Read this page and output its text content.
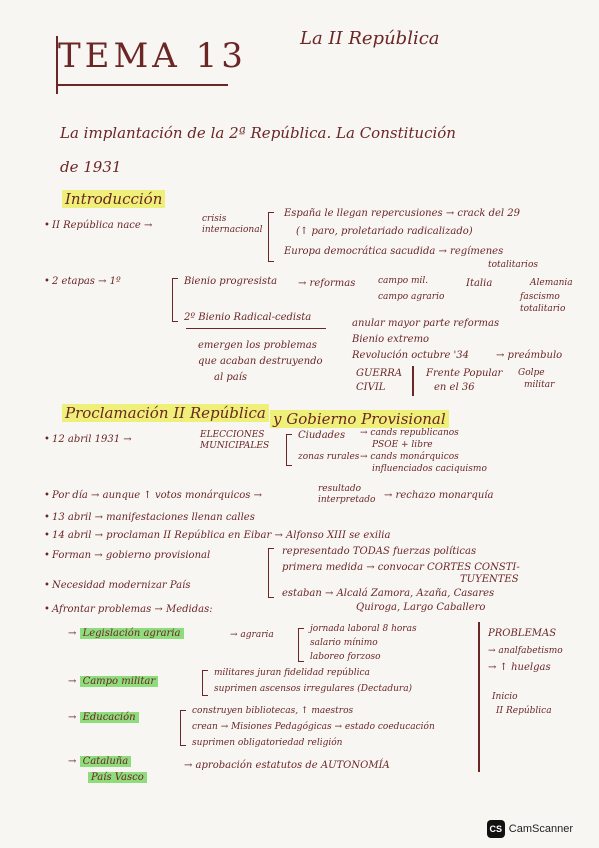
TEMA 13	La II República
La implantación de la 2ª República. La Constitución
de 1931
Introducción
II República nace →
crisis internacional
España le llegan repercusiones → crack del 29
(↑ paro, proletariado radicalizado)
Europa democrática sacudida → regímenes
totalitarios
2 etapas → 1º	Bienio progresista → reformas	campo mil.
campo agrario
Italia	Alemania
fascismo
totalitario
2º Bienio Radical-cedista
anular mayor parte reformas
Bienio extremo
Revolución octubre '34	→ preámbulo
emergen los problemas
que acaban destruyendo
al país	GUERRA
CIVIL
Frente Popular
en el 36
Golpe
militar
Proclamación II República y Gobierno Provisional
12 abril 1931 →	ELECCIONES MUNICIPALES
Ciudades → cands republicanos
PSOE + libre
zonas rurales → cands monárquicos
influenciados caciquismo
Por día → aunque ↑ votos monárquicos →
resultado interpretado → rechazo monarquía
13 abril → manifestaciones llenan calles
14 abril → proclaman II República en Eibar → Alfonso XIII se exilia
Forman → gobierno provisional	representado TODAS fuerzas políticas
primera medida → convocar CORTES CONSTI-
TUYENTES
estaban → Alcalá Zamora, Azaña, Casares
Quiroga, Largo Caballero
Necesidad modernizar País
Afrontar problemas → Medidas:
→ Legislación agraria	→ agraria
jornada laboral 8 horas
salario mínimo
laboreo forzoso
→ Campo militar
militares juran fidelidad república
suprimen ascensos irregulares (Dectadura)
→ Educación
construyen bibliotecas, ↑ maestros
crean → Misiones Pedagógicas → estado coeducación
suprimen obligatoriedad religión
→ Cataluña
País Vasco
→ aprobación estatutos de AUTONOMÍA
PROBLEMAS
→ analfabetismo
→ ↑ huelgas
Inicio
II República
•
•
•
•
•
•
•
•
•
CS CamScanner
